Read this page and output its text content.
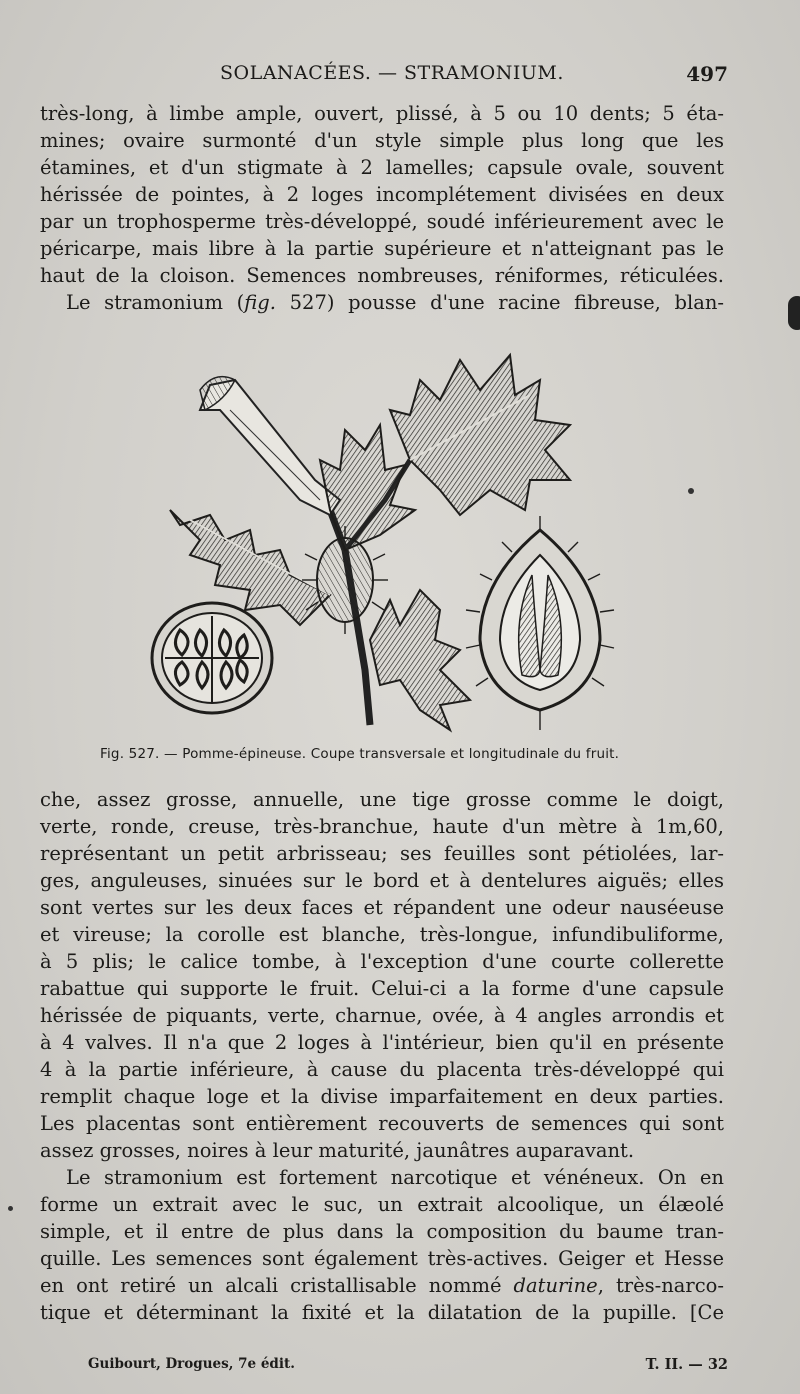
SOLANACÉES. — STRAMONIUM.	497

très-long, à limbe ample, ouvert, plissé, à 5 ou 10 dents; 5 éta-
mines; ovaire surmonté d'un style simple plus long que les
étamines, et d'un stigmate à 2 lamelles; capsule ovale, souvent
hérissée de pointes, à 2 loges incomplétement divisées en deux
par un trophosperme très-développé, soudé inférieurement avec le
péricarpe, mais libre à la partie supérieure et n'atteignant pas le
haut de la cloison. Semences nombreuses, réniformes, réticulées.

Le stramonium (fig. 527) pousse d'une racine fibreuse, blan-

Fig. 527. — Pomme-épineuse. Coupe transversale et longitudinale du fruit.

che, assez grosse, annuelle, une tige grosse comme le doigt,
verte, ronde, creuse, très-branchue, haute d'un mètre à 1m,60,
représentant un petit arbrisseau; ses feuilles sont pétiolées, lar-
ges, anguleuses, sinuées sur le bord et à dentelures aiguës; elles
sont vertes sur les deux faces et répandent une odeur nauséeuse
et vireuse; la corolle est blanche, très-longue, infundibuliforme,
à 5 plis; le calice tombe, à l'exception d'une courte collerette
rabattue qui supporte le fruit. Celui-ci a la forme d'une capsule
hérissée de piquants, verte, charnue, ovée, à 4 angles arrondis et
à 4 valves. Il n'a que 2 loges à l'intérieur, bien qu'il en présente
4 à la partie inférieure, à cause du placenta très-développé qui
remplit chaque loge et la divise imparfaitement en deux parties.
Les placentas sont entièrement recouverts de semences qui sont
assez grosses, noires à leur maturité, jaunâtres auparavant.

Le stramonium est fortement narcotique et vénéneux. On en
forme un extrait avec le suc, un extrait alcoolique, un élæolé
simple, et il entre de plus dans la composition du baume tran-
quille. Les semences sont également très-actives. Geiger et Hesse
en ont retiré un alcali cristallisable nommé daturine, très-narco-
tique et déterminant la fixité et la dilatation de la pupille. [Ce

Guibourt, Drogues, 7e édit.	T. II. — 32
